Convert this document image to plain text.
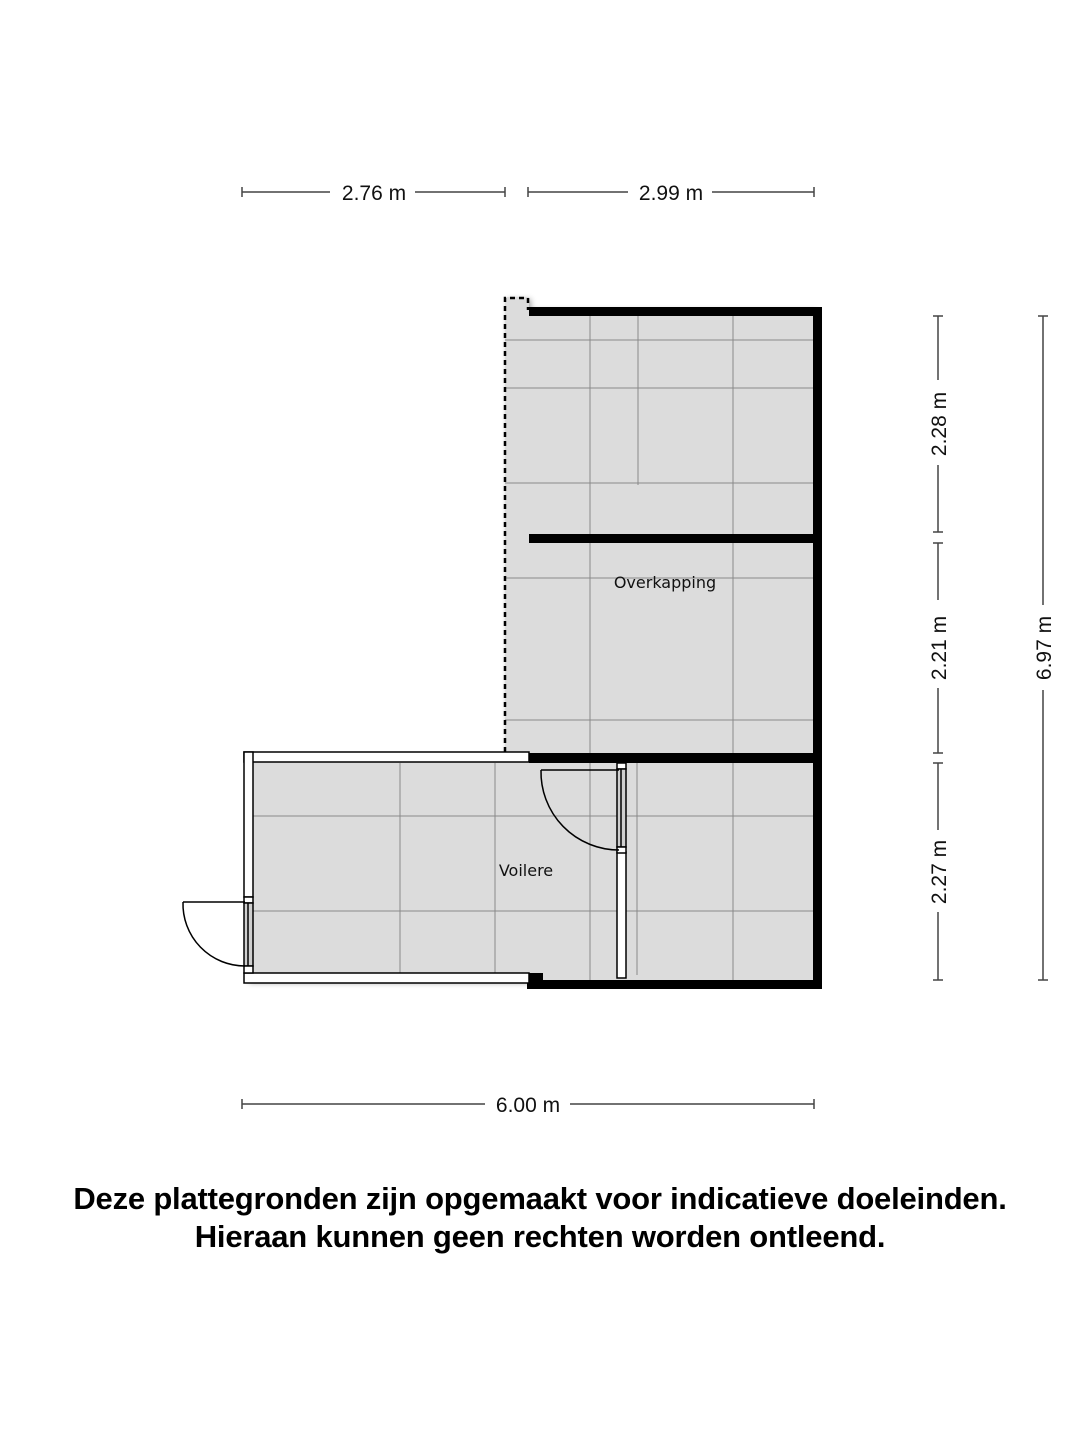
2.76 m	2.99 m
Overkapping
Voilere
2.28 m
2.21 m
2.27 m
6.97 m
6.00 m
Deze plattegronden zijn opgemaakt voor indicatieve doeleinden.
Hieraan kunnen geen rechten worden ontleend.
